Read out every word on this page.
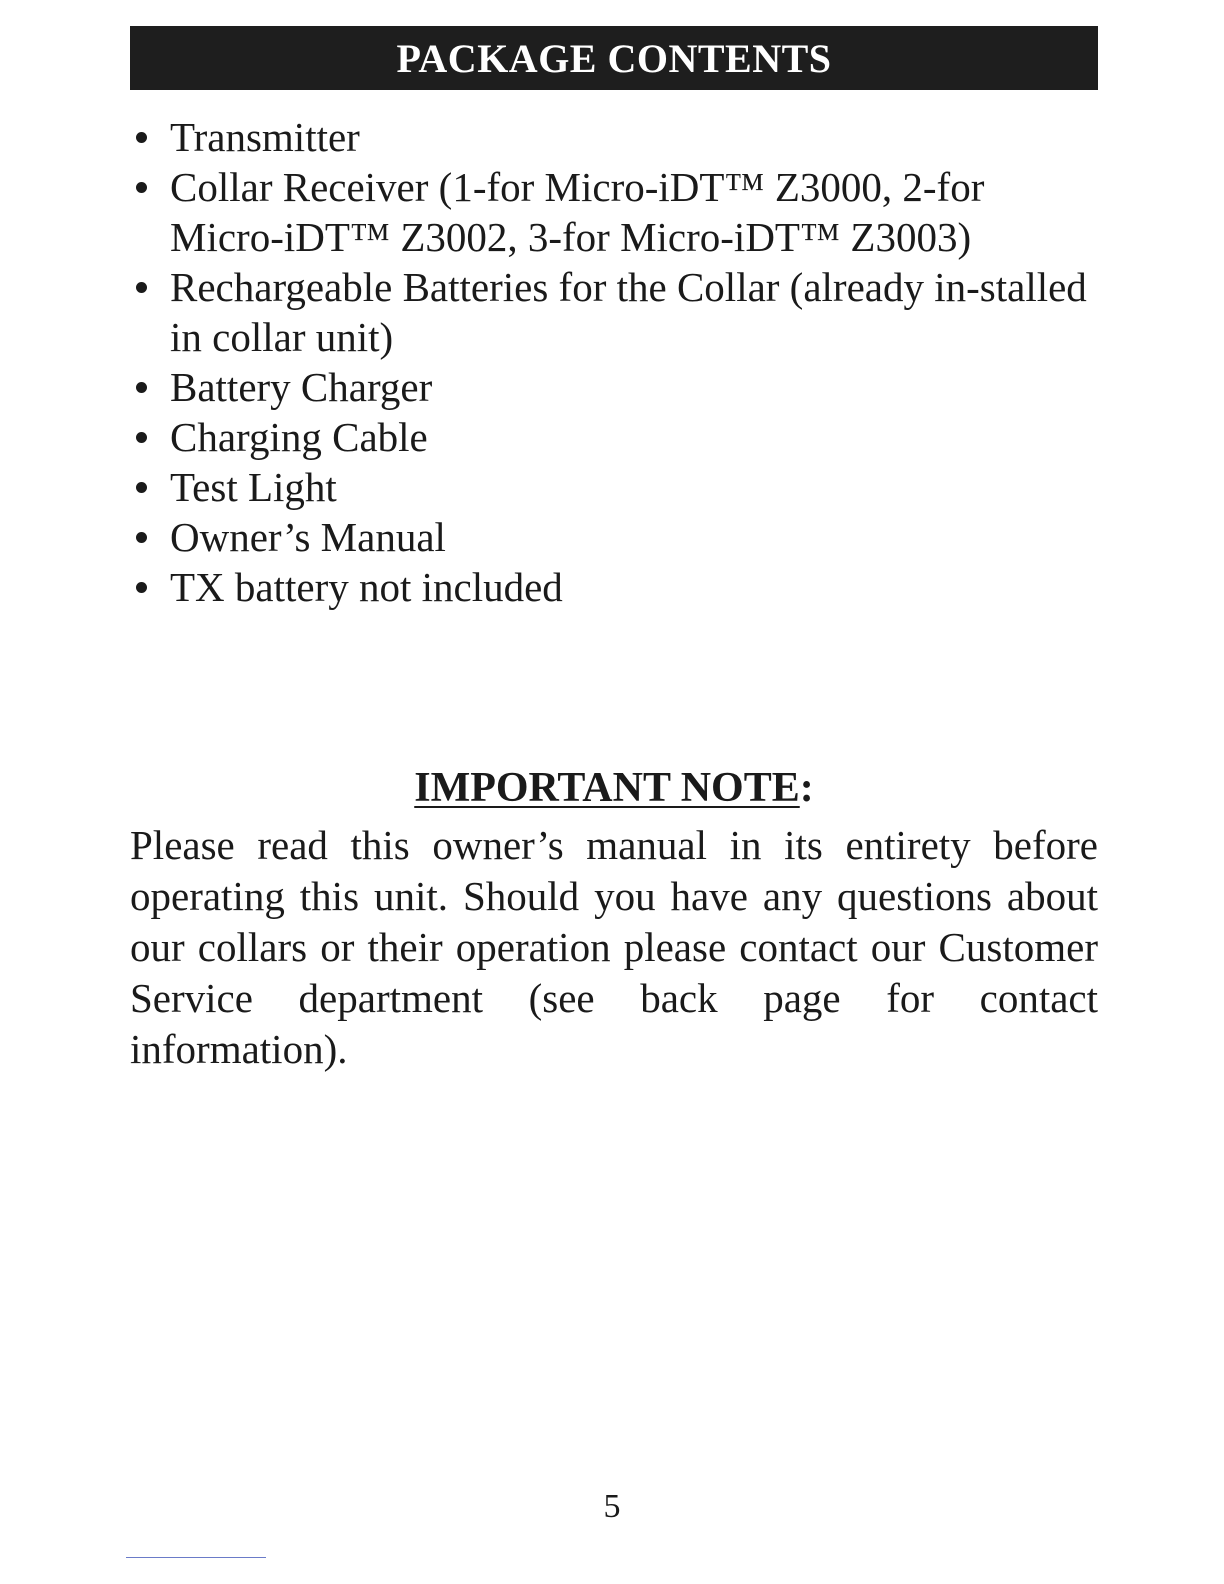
PACKAGE CONTENTS
Transmitter
Collar Receiver (1-for Micro-iDT™ Z3000, 2-for Micro-iDT™ Z3002, 3-for Micro-iDT™ Z3003)
Rechargeable Batteries for the Collar (already in-stalled in collar unit)
Battery Charger
Charging Cable
Test Light
Owner’s Manual
TX battery not included
IMPORTANT NOTE:

Please read this owner’s manual in its entirety before operating this unit. Should you have any questions about our collars or their operation please contact our Customer Service department (see back page for contact information).

5
